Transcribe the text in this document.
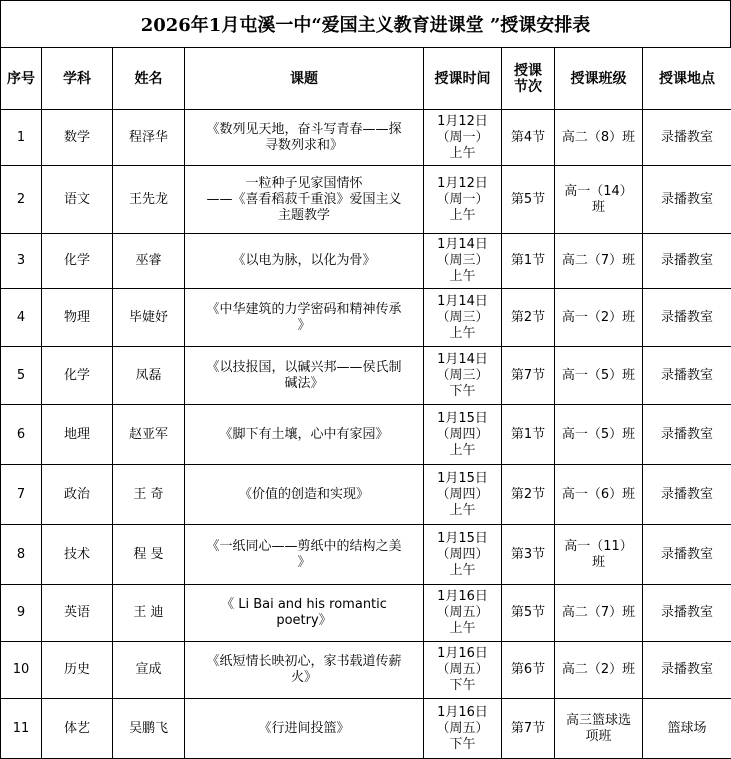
2026年1月屯溪一中“爱国主义教育进课堂 ”授课安排表
序号	学科	姓名	课题	授课时间	授课
节次	授课班级	授课地点
1	数学	程泽华	《数列见天地，奋斗写青春——探
寻数列求和》	1月12日
（周一）
上午	第4节	高二（8）班	录播教室
2	语文	王先龙	一粒种子见家国情怀
——《喜看稻菽千重浪》爱国主义
主题教学	1月12日
（周一）
上午	第5节	高一（14）
班	录播教室
3	化学	巫睿	《以电为脉，以化为骨》	1月14日
（周三）
上午	第1节	高二（7）班	录播教室
4	物理	毕婕妤	《中华建筑的力学密码和精神传承
》	1月14日
（周三）
上午	第2节	高一（2）班	录播教室
5	化学	凤磊	《以技报国，以碱兴邦——侯氏制
碱法》	1月14日
（周三）
下午	第7节	高一（5）班	录播教室
6	地理	赵亚军	《脚下有土壤，心中有家园》	1月15日
（周四）
上午	第1节	高一（5）班	录播教室
7	政治	王 奇	《价值的创造和实现》	1月15日
（周四）
上午	第2节	高一（6）班	录播教室
8	技术	程 旻	《一纸同心——剪纸中的结构之美
》	1月15日
（周四）
上午	第3节	高一（11）
班	录播教室
9	英语	王 迪	《 Li Bai and his romantic
poetry》	1月16日
（周五）
上午	第5节	高二（7）班	录播教室
10	历史	宣成	《纸短情长映初心，家书载道传薪
火》	1月16日
（周五）
下午	第6节	高二（2）班	录播教室
11	体艺	吴鹏飞	《行进间投篮》	1月16日
（周五）
下午	第7节	高三篮球选
项班	篮球场
